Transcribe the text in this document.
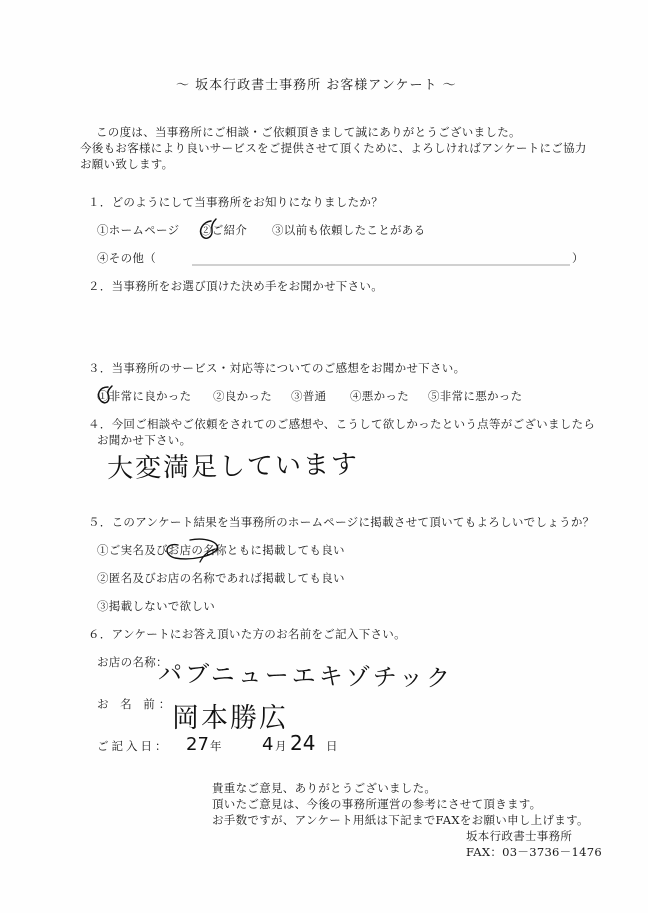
～ 坂本行政書士事務所 お客様アンケート ～
この度は、当事務所にご相談・ご依頼頂きまして誠にありがとうございました。
今後もお客様により良いサービスをご提供させて頂くために、よろしければアンケートにご協力
お願い致します。
１．どのようにして当事務所をお知りになりましたか？
①ホームページ ②ご紹介 ③以前も依頼したことがある
④その他（	）
２．当事務所をお選び頂けた決め手をお聞かせ下さい。
３．当事務所のサービス・対応等についてのご感想をお聞かせ下さい。
①非常に良かった ②良かった ③普通 ④悪かった ⑤非常に悪かった
４．今回ご相談やご依頼をされてのご感想や、こうして欲しかったという点等がございましたら
お聞かせ下さい。
大変満足しています
５．このアンケート結果を当事務所のホームページに掲載させて頂いてもよろしいでしょうか？
①ご実名及びお店の名称ともに掲載しても良い
②匿名及びお店の名称であれば掲載しても良い
③掲載しないで欲しい
６．アンケートにお答え頂いた方のお名前をご記入下さい。
お店の名称：
パブニューエキゾチック
お 名 前：
岡本勝広
ご記入日： 27 年 4 月 24 日
貴重なご意見、ありがとうございました。
頂いたご意見は、今後の事務所運営の参考にさせて頂きます。
お手数ですが、アンケート用紙は下記までFAXをお願い申し上げます。
坂本行政書士事務所
FAX：03－3736－1476
